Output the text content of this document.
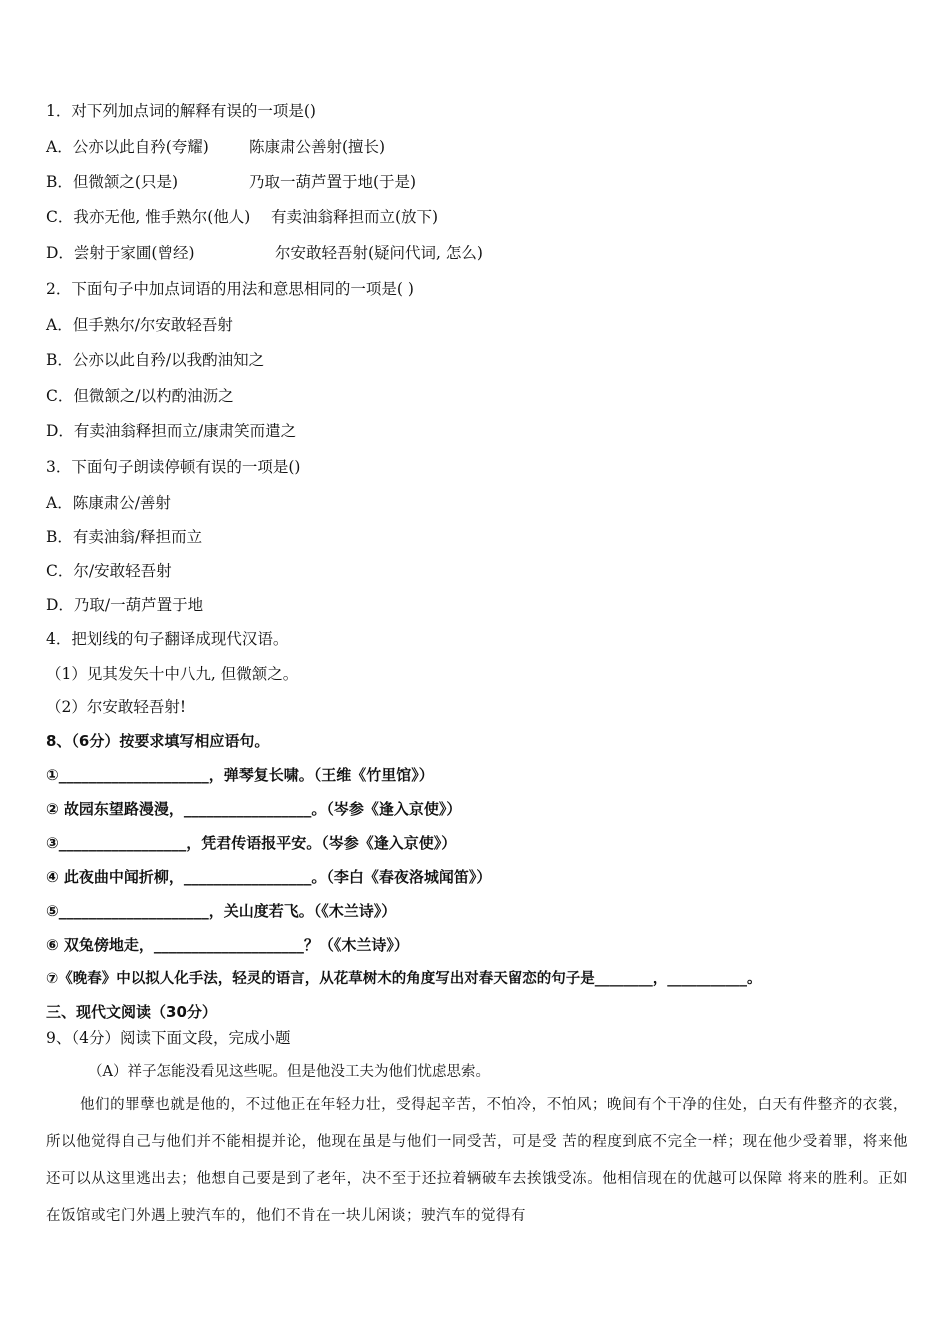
1．对下列加点词的解释有误的一项是()
A．公亦以此自矜(夸耀)	陈康肃公善射(擅长)
B．但微颔之(只是)	乃取一葫芦置于地(于是)
C．我亦无他, 惟手熟尔(他人) 有卖油翁释担而立(放下)
D．尝射于家圃(曾经)	尔安敢轻吾射(疑问代词, 怎么)
2．下面句子中加点词语的用法和意思相同的一项是( )
A．但手熟尔/尔安敢轻吾射
B．公亦以此自矜/以我酌油知之
C．但微颔之/以杓酌油沥之
D．有卖油翁释担而立/康肃笑而遣之
3．下面句子朗读停顿有误的一项是()
A．陈康肃公/善射
B．有卖油翁/释担而立
C．尔/安敢轻吾射
D．乃取/一葫芦置于地
4．把划线的句子翻译成现代汉语。
（1）见其发矢十中八九, 但微颔之。
（2）尔安敢轻吾射!
8、（6分）按要求填写相应语句。
①____________________，弹琴复长啸。（王维《竹里馆》）
② 故园东望路漫漫，_________________。（岑参《逢入京使》）
③_________________，凭君传语报平安。（岑参《逢入京使》）
④ 此夜曲中闻折柳，_________________。（李白《春夜洛城闻笛》）
⑤____________________，关山度若飞。（《木兰诗》）
⑥ 双兔傍地走，____________________？（《木兰诗》）
⑦《晚春》中以拟人化手法，轻灵的语言，从花草树木的角度写出对春天留恋的句子是________，___________。
三、现代文阅读（30分）
9、（4分）阅读下面文段，完成小题
（A）祥子怎能没看见这些呢。但是他没工夫为他们忧虑思索。
他们的罪孽也就是他的，不过他正在年轻力壮，受得起辛苦，不怕冷，不怕风；晚间有个干净的住处，白天有件整齐的衣裳，所以他觉得自己与他们并不能相提并论，他现在虽是与他们一同受苦，可是受 苦的程度到底不完全一样；现在他少受着罪，将来他还可以从这里逃出去；他想自己要是到了老年，决不至于还拉着辆破车去挨饿受冻。他相信现在的优越可以保障 将来的胜利。正如在饭馆或宅门外遇上驶汽车的，他们不肯在一块儿闲谈；驶汽车的觉得有
